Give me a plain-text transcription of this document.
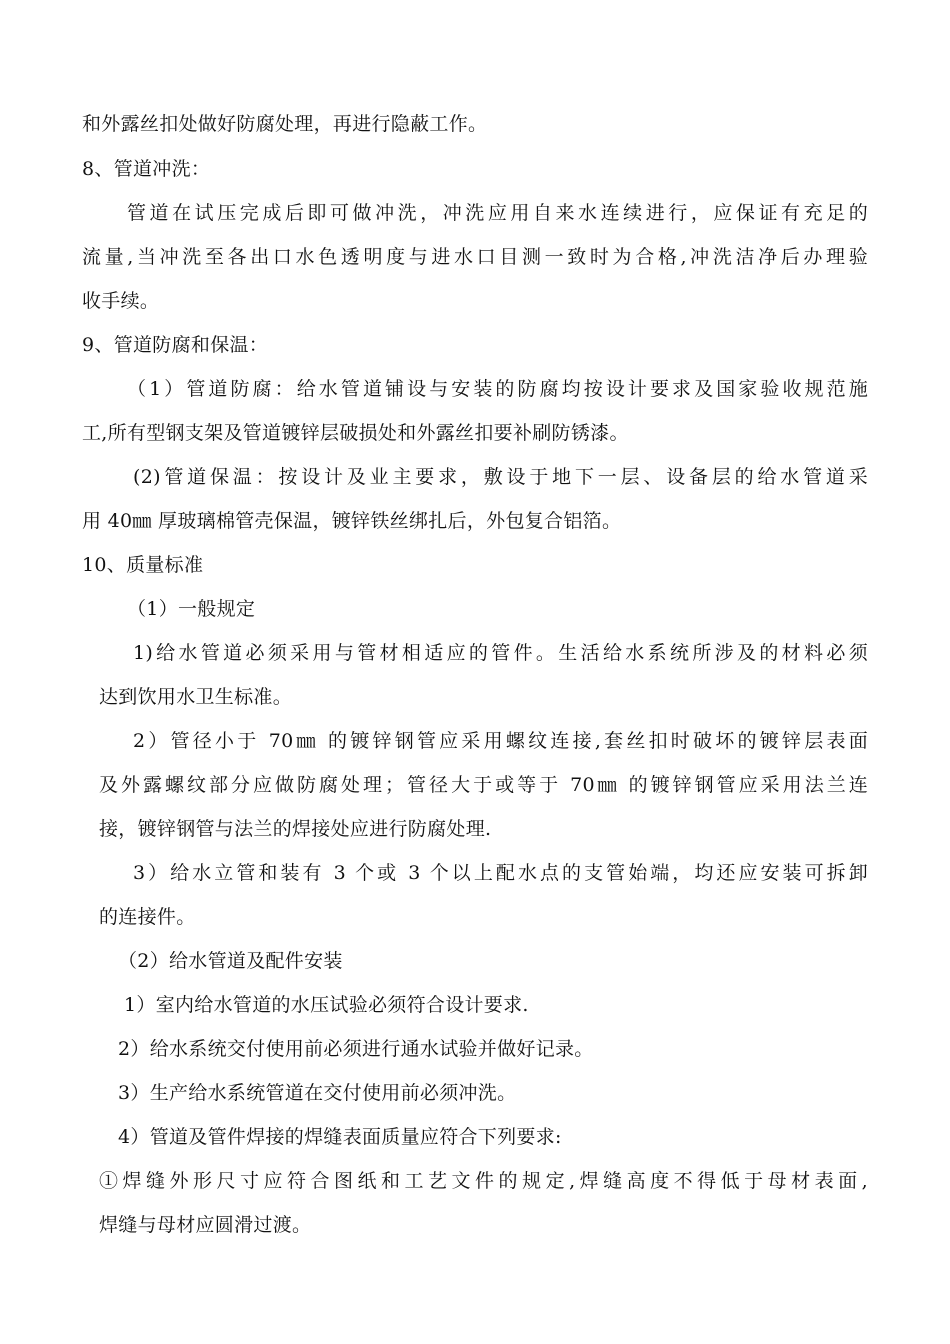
和外露丝扣处做好防腐处理，再进行隐蔽工作。
8、管道冲洗：
管道在试压完成后即可做冲洗，冲洗应用自来水连续进行，应保证有充足的
流量,当冲洗至各出口水色透明度与进水口目测一致时为合格,冲洗洁净后办理验
收手续。
9、管道防腐和保温：
（1）管道防腐：给水管道铺设与安装的防腐均按设计要求及国家验收规范施
工,所有型钢支架及管道镀锌层破损处和外露丝扣要补刷防锈漆。
(2)管道保温：按设计及业主要求，敷设于地下一层、设备层的给水管道采
用 40㎜ 厚玻璃棉管壳保温，镀锌铁丝绑扎后，外包复合铝箔。
10、质量标准
（1）一般规定
1)给水管道必须采用与管材相适应的管件。生活给水系统所涉及的材料必须
达到饮用水卫生标准。
2）管径小于 70㎜ 的镀锌钢管应采用螺纹连接,套丝扣时破坏的镀锌层表面
及外露螺纹部分应做防腐处理；管径大于或等于 70㎜ 的镀锌钢管应采用法兰连
接，镀锌钢管与法兰的焊接处应进行防腐处理.
3）给水立管和装有 3 个或 3 个以上配水点的支管始端，均还应安装可拆卸
的连接件。
（2）给水管道及配件安装
1）室内给水管道的水压试验必须符合设计要求.
2）给水系统交付使用前必须进行通水试验并做好记录。
3）生产给水系统管道在交付使用前必须冲洗。
4）管道及管件焊接的焊缝表面质量应符合下列要求:
①焊缝外形尺寸应符合图纸和工艺文件的规定,焊缝高度不得低于母材表面,
焊缝与母材应圆滑过渡。
